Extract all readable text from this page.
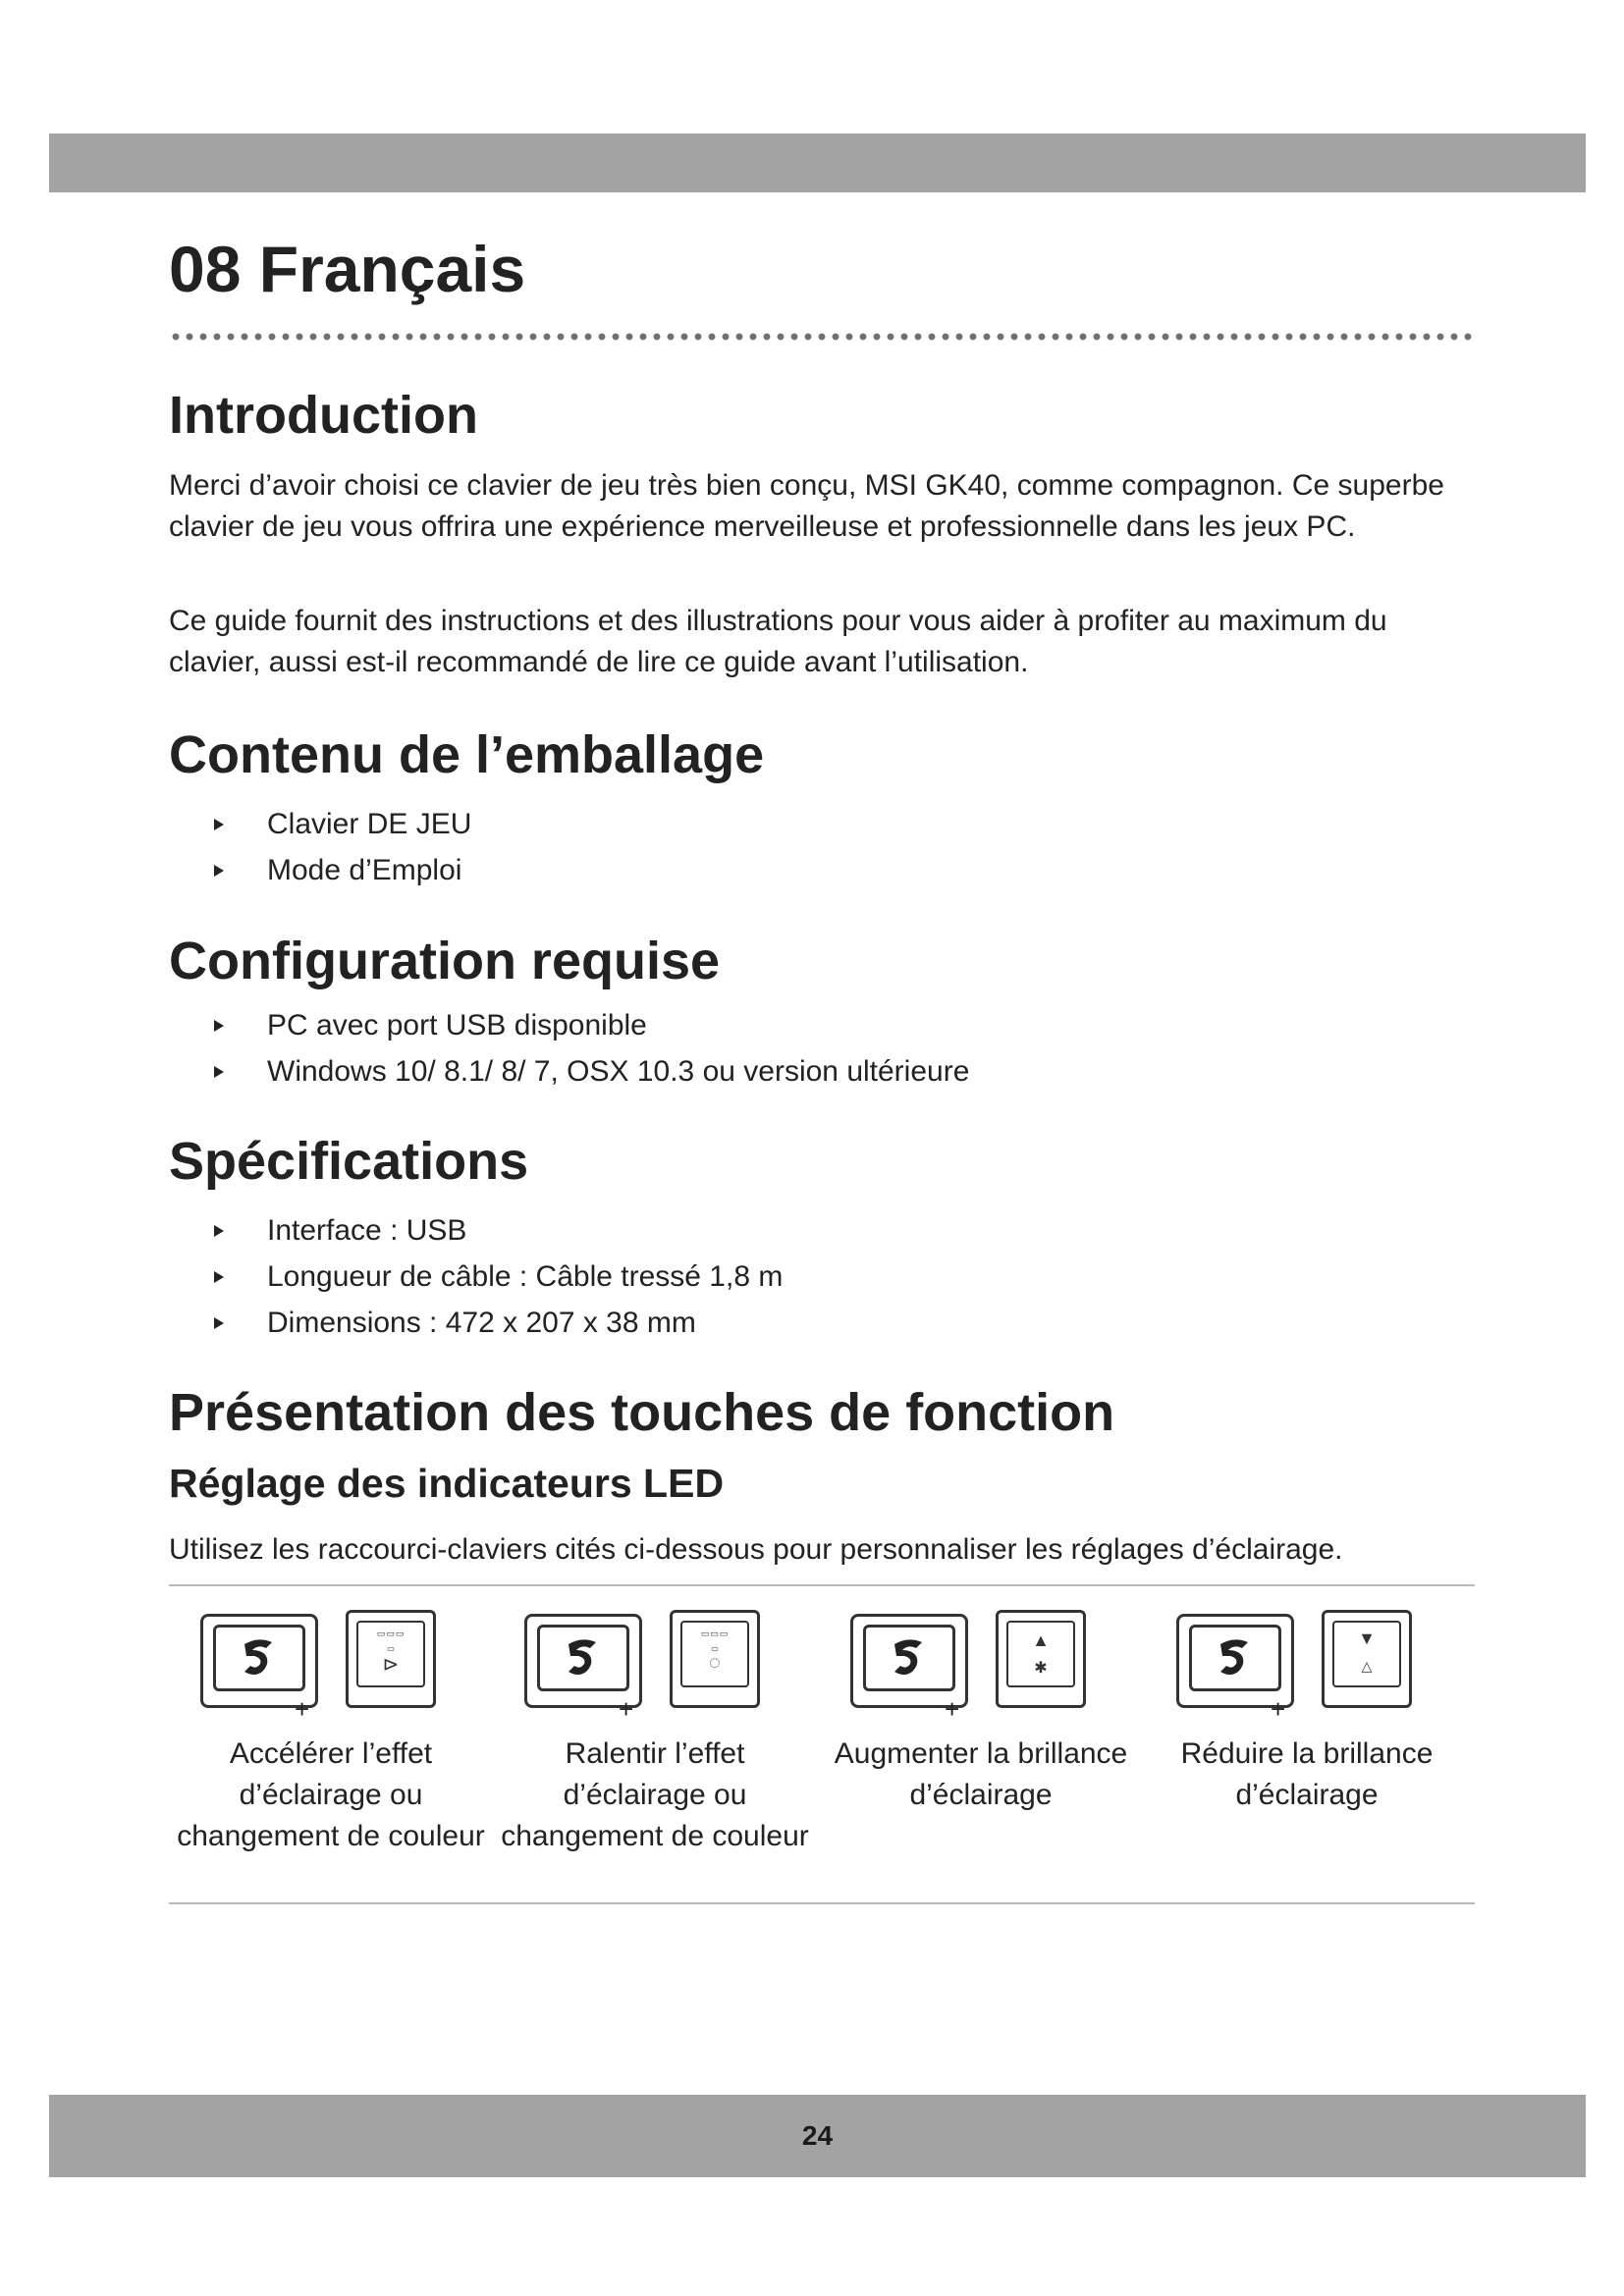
08 Français
Introduction

Merci d’avoir choisi ce clavier de jeu très bien conçu, MSI GK40, comme compagnon. Ce superbe clavier de jeu vous offrira une expérience merveilleuse et professionnelle dans les jeux PC.

Ce guide fournit des instructions et des illustrations pour vous aider à profiter au maximum du clavier, aussi est-il recommandé de lire ce guide avant l’utilisation.

Contenu de l’emballage
Clavier DE JEU
Mode d’Emploi
Configuration requise
PC avec port USB disponible
Windows 10/ 8.1/ 8/ 7, OSX 10.3 ou version ultérieure
Spécifications
Interface : USB
Longueur de câble : Câble tressé 1,8 m
Dimensions : 472 x 207 x 38 mm
Présentation des touches de fonction
Réglage des indicateurs LED

Utilisez les raccourci-claviers cités ci-dessous pour personnaliser les réglages d’éclairage.

+
▭▭▭
▭
⊳
Accélérer l’effet d’éclairage ou changement de couleur
+
▭▭▭
▭
◌
Ralentir l’effet d’éclairage ou changement de couleur
+
▲
✱
Augmenter la brillance d’éclairage
+
▼
△
Réduire la brillance d’éclairage
24
